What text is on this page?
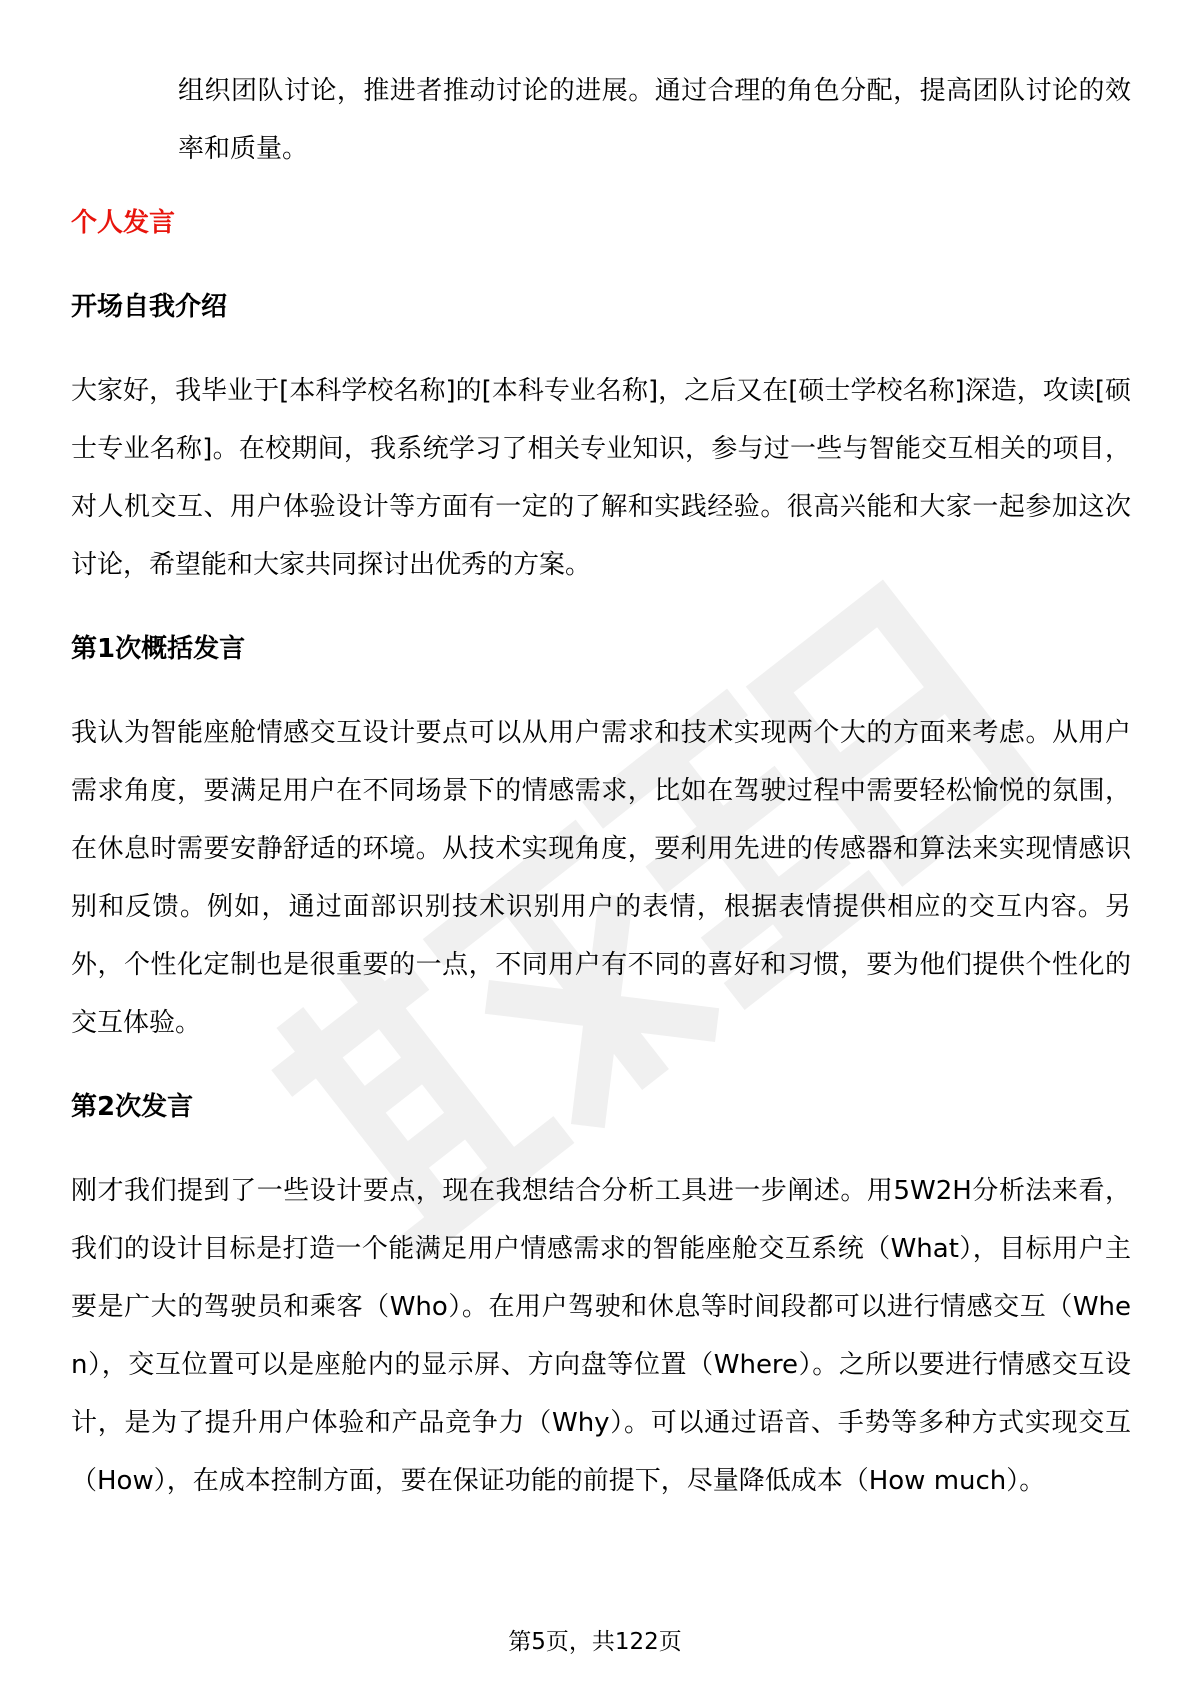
组织团队讨论，推进者推动讨论的进展。通过合理的角色分配，提高团队讨论的效率和质量。

个人发言
开场自我介绍

大家好，我毕业于[本科学校名称]的[本科专业名称]，之后又在[硕士学校名称]深造，攻读[硕士专业名称]。在校期间，我系统学习了相关专业知识，参与过一些与智能交互相关的项目，对人机交互、用户体验设计等方面有一定的了解和实践经验。很高兴能和大家一起参加这次讨论，希望能和大家共同探讨出优秀的方案。

第1次概括发言

我认为智能座舱情感交互设计要点可以从用户需求和技术实现两个大的方面来考虑。从用户需求角度，要满足用户在不同场景下的情感需求，比如在驾驶过程中需要轻松愉悦的氛围，在休息时需要安静舒适的环境。从技术实现角度，要利用先进的传感器和算法来实现情感识别和反馈。例如，通过面部识别技术识别用户的表情，根据表情提供相应的交互内容。另外，个性化定制也是很重要的一点，不同用户有不同的喜好和习惯，要为他们提供个性化的交互体验。

第2次发言

刚才我们提到了一些设计要点，现在我想结合分析工具进一步阐述。用5W2H分析法来看，我们的设计目标是打造一个能满足用户情感需求的智能座舱交互系统（What），目标用户主要是广大的驾驶员和乘客（Who）。在用户驾驶和休息等时间段都可以进行情感交互（When），交互位置可以是座舱内的显示屏、方向盘等位置（Where）。之所以要进行情感交互设计，是为了提升用户体验和产品竞争力（Why）。可以通过语音、手势等多种方式实现交互（How），在成本控制方面，要在保证功能的前提下，尽量降低成本（How much）。

第5页，共122页
